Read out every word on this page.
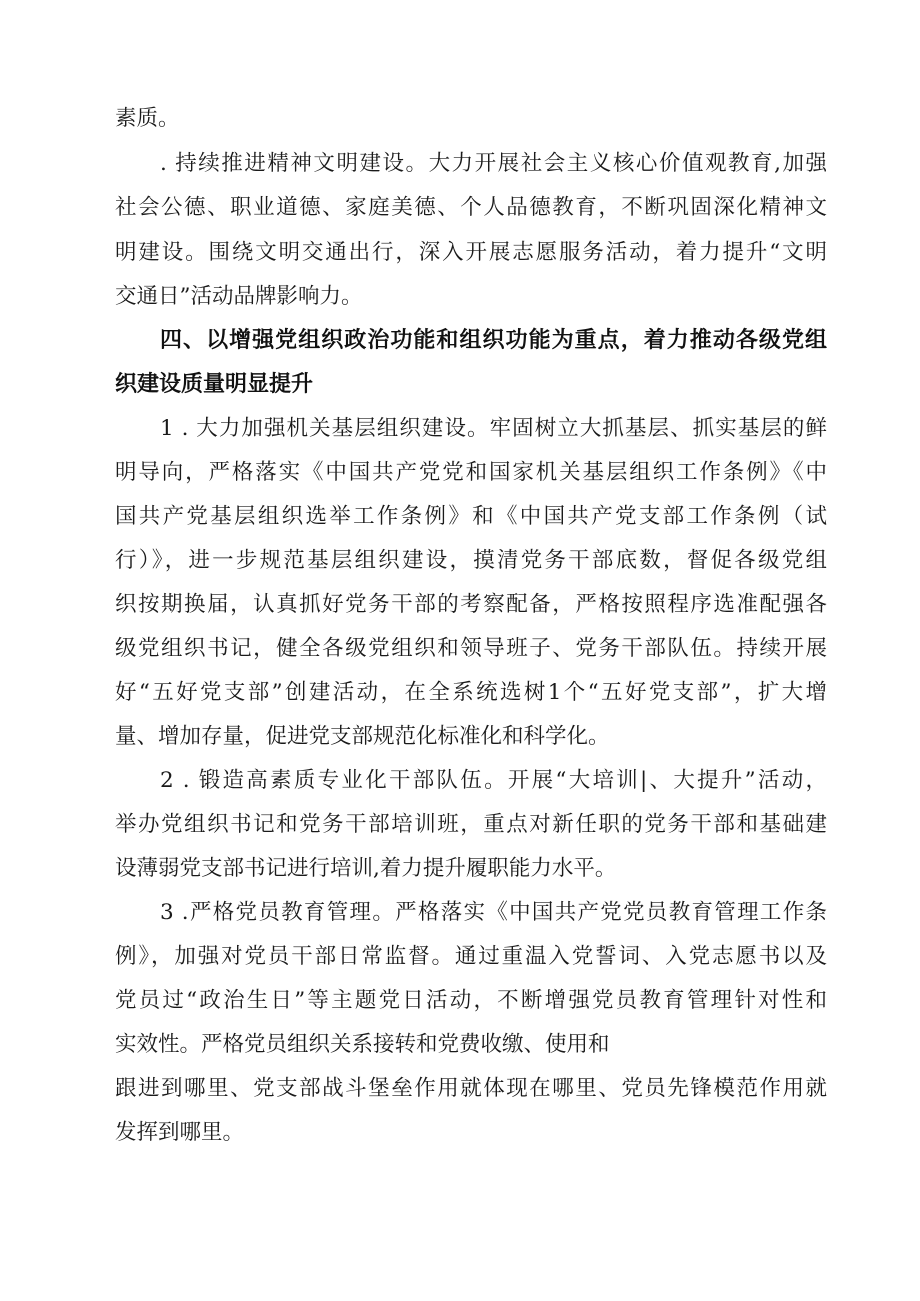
素质。
. 持续推进精神文明建设。大力开展社会主义核心价值观教育,加强
社会公德、职业道德、家庭美德、个人品德教育，不断巩固深化精神文
明建设。围绕文明交通出行，深入开展志愿服务活动，着力提升“文明
交通日”活动品牌影响力。
四、以增强党组织政治功能和组织功能为重点，着力推动各级党组
织建设质量明显提升
1 . 大力加强机关基层组织建设。牢固树立大抓基层、抓实基层的鲜
明导向，严格落实《中国共产党党和国家机关基层组织工作条例》《中
国共产党基层组织选举工作条例》和《中国共产党支部工作条例（试
行）》，进一步规范基层组织建设，摸清党务干部底数，督促各级党组
织按期换届，认真抓好党务干部的考察配备，严格按照程序选准配强各
级党组织书记，健全各级党组织和领导班子、党务干部队伍。持续开展
好“五好党支部”创建活动，在全系统选树1个“五好党支部”，扩大增
量、增加存量，促进党支部规范化标准化和科学化。
2 . 锻造高素质专业化干部队伍。开展“大培训|、大提升”活动，
举办党组织书记和党务干部培训班，重点对新任职的党务干部和基础建
设薄弱党支部书记进行培训,着力提升履职能力水平。
3 .严格党员教育管理。严格落实《中国共产党党员教育管理工作条
例》，加强对党员干部日常监督。通过重温入党誓词、入党志愿书以及
党员过“政治生日”等主题党日活动，不断增强党员教育管理针对性和
实效性。严格党员组织关系接转和党费收缴、使用和
跟进到哪里、党支部战斗堡垒作用就体现在哪里、党员先锋模范作用就
发挥到哪里。
